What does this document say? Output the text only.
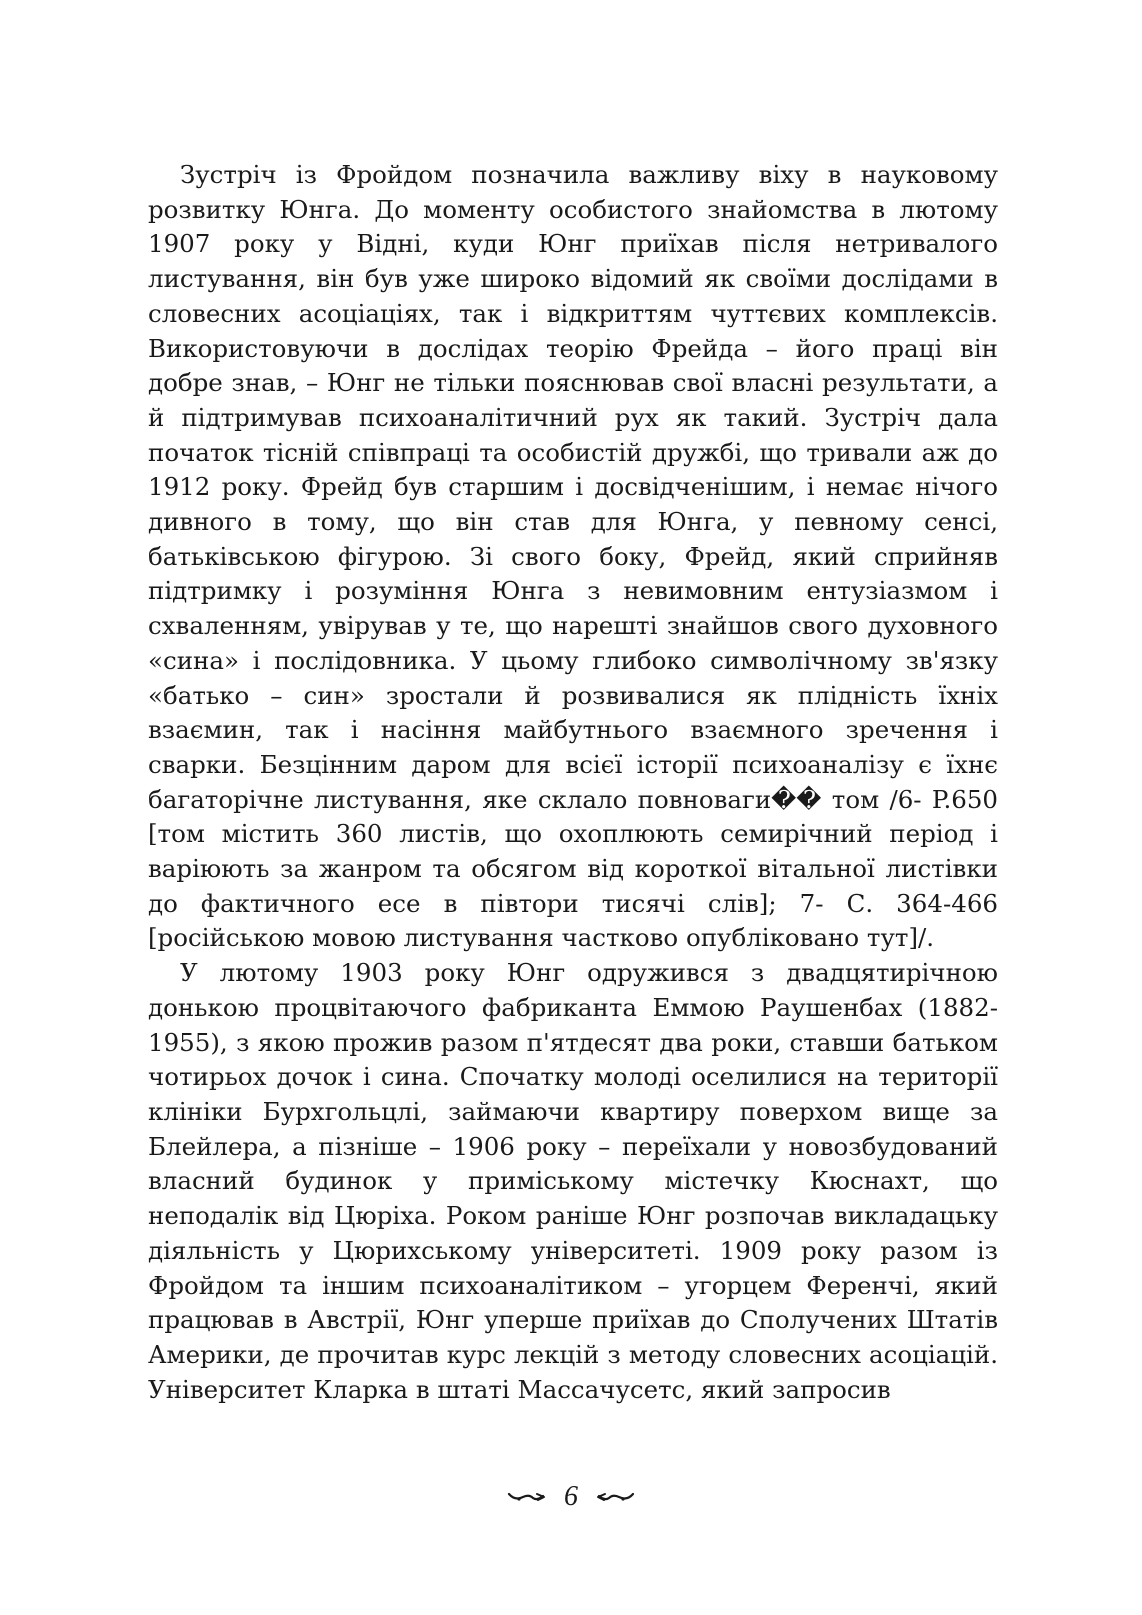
Зустріч із Фройдом позначила важливу віху в науковому розвитку Юнга. До моменту особистого знайомства в лютому 1907 року у Відні, куди Юнг приїхав після нетривалого листування, він був уже широко відомий як своїми дослідами в словесних асоціаціях, так і відкриттям чуттєвих комплексів. Використовуючи в дослідах теорію Фрейда – його праці він добре знав, – Юнг не тільки пояснював свої власні результати, а й підтримував психоаналітичний рух як такий. Зустріч дала початок тісній співпраці та особистій дружбі, що тривали аж до 1912 року. Фрейд був старшим і досвідченішим, і немає нічого дивного в тому, що він став для Юнга, у певному сенсі, батьківською фігурою. Зі свого боку, Фрейд, який сприйняв підтримку і розуміння Юнга з невимовним ентузіазмом і схваленням, увірував у те, що нарешті знайшов свого духовного «сина» і послідовника. У цьому глибоко символічному зв'язку «батько – син» зростали й розвивалися як плідність їхніх взаємин, так і насіння майбутнього взаємного зречення і сварки. Безцінним даром для всієї історії психоаналізу є їхнє багаторічне листування, яке склало повноваги�� том /6- P.650 [том містить 360 листів, що охоплюють семирічний період і варіюють за жанром та обсягом від короткої вітальної листівки до фактичного есе в півтори тисячі слів]; 7- С. 364-466 [російською мовою листування частково опубліковано тут]/.

У лютому 1903 року Юнг одружився з двадцятирічною донькою процвітаючого фабриканта Еммою Раушенбах (1882-1955), з якою прожив разом п'ятдесят два роки, ставши батьком чотирьох дочок і сина. Спочатку молоді оселилися на території клініки Бурхгольцлі, займаючи квартиру поверхом вище за Блейлера, а пізніше – 1906 року – переїхали у новозбудований власний будинок у приміському містечку Кюснахт, що неподалік від Цюріха. Роком раніше Юнг розпочав викладацьку діяльність у Цюрихському університеті. 1909 року разом із Фройдом та іншим психоаналітиком – угорцем Ференчі, який працював в Австрії, Юнг уперше приїхав до Сполучених Штатів Америки, де прочитав курс лекцій з методу словесних асоціацій. Університет Кларка в штаті Массачусетс, який запросив

6
